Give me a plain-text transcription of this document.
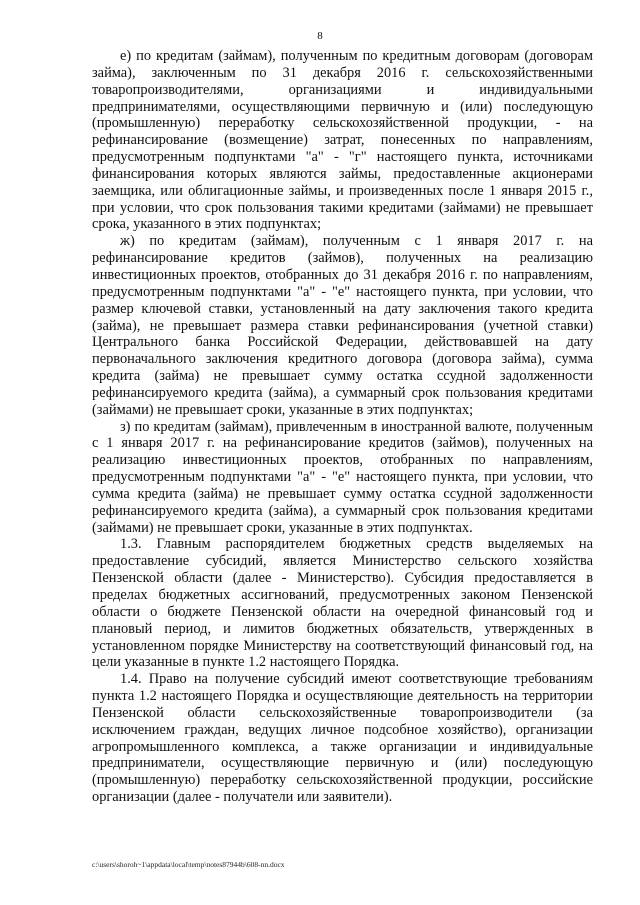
8

е) по кредитам (займам), полученным по кредитным договорам (договорам займа), заключенным по 31 декабря 2016 г. сельскохозяйственными товаропроизводителями, организациями и индивидуальными предпринимателями, осуществляющими первичную и (или) последующую (промышленную) переработку сельскохозяйственной продукции, - на рефинансирование (возмещение) затрат, понесенных по направлениям, предусмотренным подпунктами "а" - "г" настоящего пункта, источниками финансирования которых являются займы, предоставленные акционерами заемщика, или облигационные займы, и произведенных после 1 января 2015 г., при условии, что срок пользования такими кредитами (займами) не превышает срока, указанного в этих подпунктах;

ж) по кредитам (займам), полученным с 1 января 2017 г. на рефинансирование кредитов (займов), полученных на реализацию инвестиционных проектов, отобранных до 31 декабря 2016 г. по направлениям, предусмотренным подпунктами "а" - "е" настоящего пункта, при условии, что размер ключевой ставки, установленный на дату заключения такого кредита (займа), не превышает размера ставки рефинансирования (учетной ставки) Центрального банка Российской Федерации, действовавшей на дату первоначального заключения кредитного договора (договора займа), сумма кредита (займа) не превышает сумму остатка ссудной задолженности рефинансируемого кредита (займа), а суммарный срок пользования кредитами (займами) не превышает сроки, указанные в этих подпунктах;

з) по кредитам (займам), привлеченным в иностранной валюте, полученным с 1 января 2017 г. на рефинансирование кредитов (займов), полученных на реализацию инвестиционных проектов, отобранных по направлениям, предусмотренным подпунктами "а" - "е" настоящего пункта, при условии, что сумма кредита (займа) не превышает сумму остатка ссудной задолженности рефинансируемого кредита (займа), а суммарный срок пользования кредитами (займами) не превышает сроки, указанные в этих подпунктах.

1.3. Главным распорядителем бюджетных средств выделяемых на предоставление субсидий, является Министерство сельского хозяйства Пензенской области (далее - Министерство). Субсидия предоставляется в пределах бюджетных ассигнований, предусмотренных законом Пензенской области о бюджете Пензенской области на очередной финансовый год и плановый период, и лимитов бюджетных обязательств, утвержденных в установленном порядке Министерству на соответствующий финансовый год, на цели указанные в пункте 1.2 настоящего Порядка.

1.4. Право на получение субсидий имеют соответствующие требованиям пункта 1.2 настоящего Порядка и осуществляющие деятельность на территории Пензенской области сельскохозяйственные товаропроизводители (за исключением граждан, ведущих личное подсобное хозяйство), организации агропромышленного комплекса, а также организации и индивидуальные предприниматели, осуществляющие первичную и (или) последующую (промышленную) переработку сельскохозяйственной продукции, российские организации (далее - получатели или заявители).

c:\users\shoroh~1\appdata\local\temp\notes87944b\608-nn.docx
